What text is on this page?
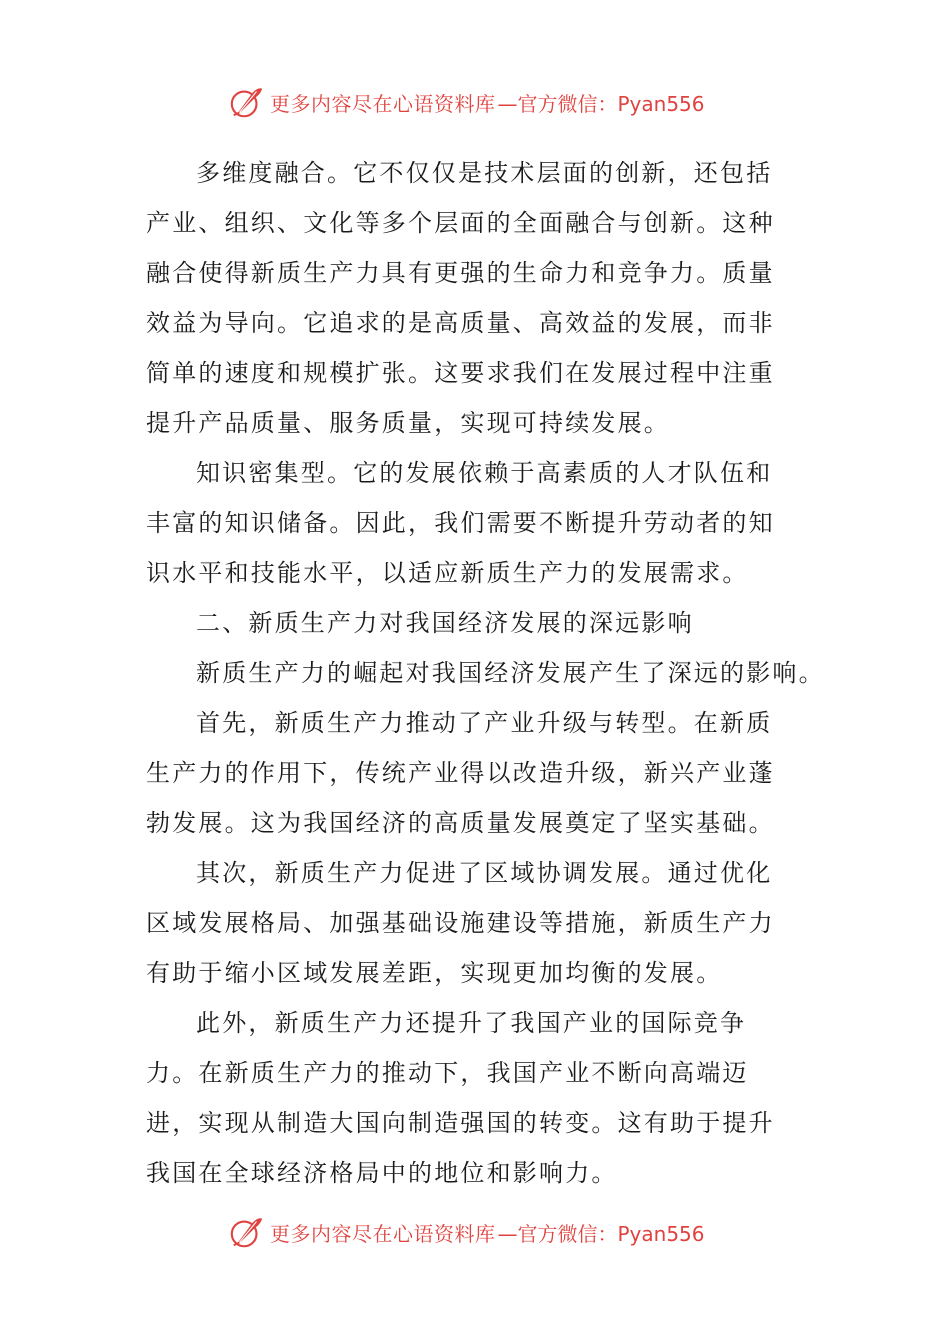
更多内容尽在心语资料库 —官方微信：Pyan556

多维度融合。它不仅仅是技术层面的创新，还包括产业、组织、文化等多个层面的全面融合与创新。这种融合使得新质生产力具有更强的生命力和竞争力。质量效益为导向。它追求的是高质量、高效益的发展，而非简单的速度和规模扩张。这要求我们在发展过程中注重提升产品质量、服务质量，实现可持续发展。

知识密集型。它的发展依赖于高素质的人才队伍和丰富的知识储备。因此，我们需要不断提升劳动者的知识水平和技能水平，以适应新质生产力的发展需求。

二、新质生产力对我国经济发展的深远影响

新质生产力的崛起对我国经济发展产生了深远的影响。

首先，新质生产力推动了产业升级与转型。在新质生产力的作用下，传统产业得以改造升级，新兴产业蓬勃发展。这为我国经济的高质量发展奠定了坚实基础。

其次，新质生产力促进了区域协调发展。通过优化区域发展格局、加强基础设施建设等措施，新质生产力有助于缩小区域发展差距，实现更加均衡的发展。

此外，新质生产力还提升了我国产业的国际竞争力。在新质生产力的推动下，我国产业不断向高端迈进，实现从制造大国向制造强国的转变。这有助于提升我国在全球经济格局中的地位和影响力。

更多内容尽在心语资料库 —官方微信：Pyan556
